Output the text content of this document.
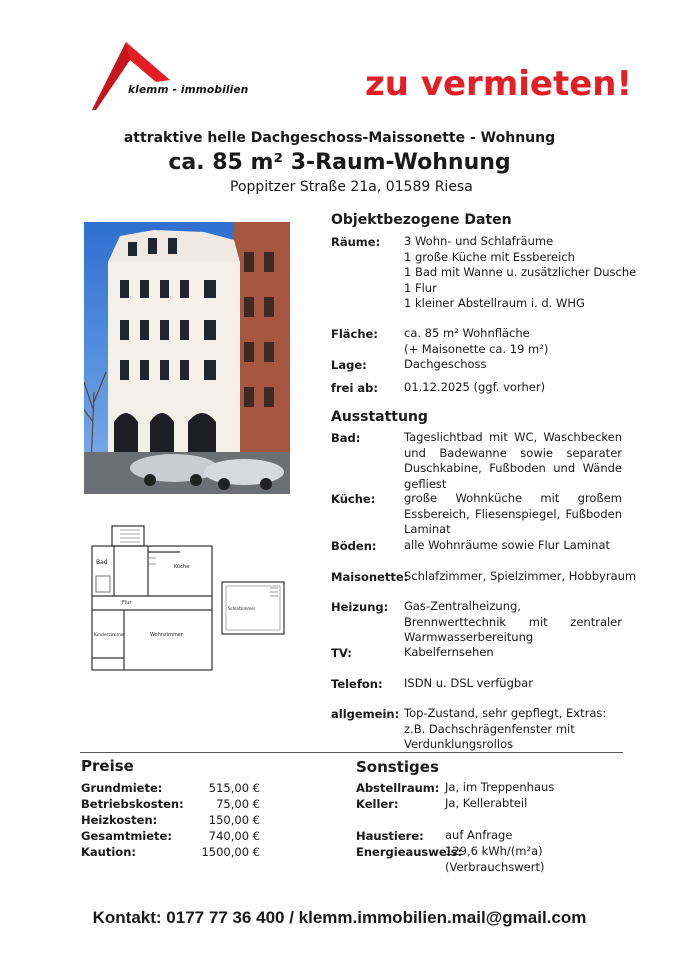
klemm - immobilien	zu vermieten!
attraktive helle Dachgeschoss-Maissonette - Wohnung
ca. 85 m² 3-Raum-Wohnung
Poppitzer Straße 21a, 01589 Riesa
Bad
Küche
Flur
Kinderzimmer	Wohnzimmer
Schlafzimmer
Objektbezogene Daten
Räume: 3 Wohn- und Schlafräume
1 große Küche mit Essbereich
1 Bad mit Wanne u. zusätzlicher Dusche
1 Flur
1 kleiner Abstellraum i. d. WHG
Fläche: ca. 85 m² Wohnfläche
(+ Maisonette ca. 19 m²)
Lage:	Dachgeschoss
frei ab: 01.12.2025 (ggf. vorher)
Ausstattung
Bad:	Tageslichtbad mit WC, Waschbecken und Badewanne sowie separater Duschkabine, Fußboden und Wände gefliest
Küche: große Wohnküche mit großem Essbereich, Fliesenspiegel, Fußboden Laminat
Böden: alle Wohnräume sowie Flur Laminat
Maisonette:
Schlafzimmer, Spielzimmer, Hobbyraum
Heizung: Gas-Zentralheizung, Brennwerttechnik mit zentraler Warmwasserbereitung
TV:	Kabelfernsehen
Telefon: ISDN u. DSL verfügbar
allgemein: Top-Zustand, sehr gepflegt, Extras: z.B. Dachschrägenfenster mit Verdunklungsrollos
Preise
Grundmiete:	515,00 €
Betriebskosten:	75,00 €
Heizkosten:	150,00 €
Gesamtmiete:	740,00 €
Kaution:	1500,00 €
Sonstiges
Abstellraum: Ja, im Treppenhaus
Keller:	Ja, Kellerabteil
Haustiere: auf Anfrage
Energieausweis:
129,6 kWh/(m²a)
(Verbrauchswert)
Kontakt: 0177 77 36 400 / klemm.immobilien.mail@gmail.com
